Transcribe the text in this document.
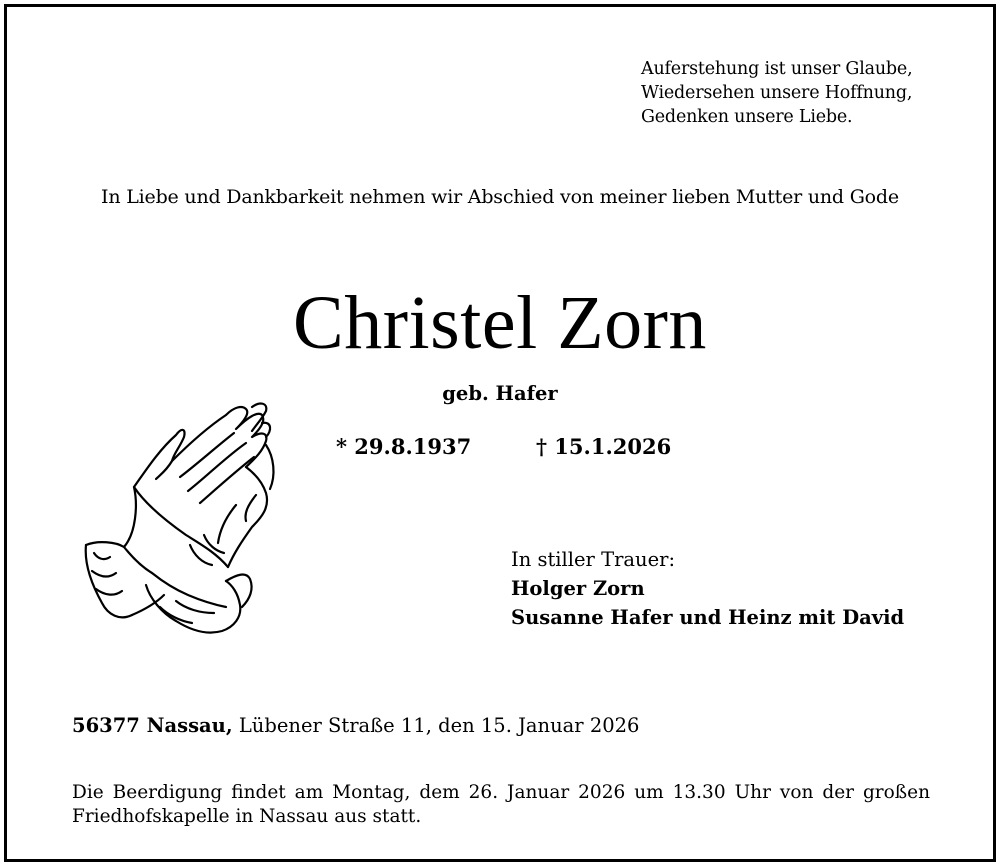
Auferstehung ist unser Glaube,
Wiedersehen unsere Hoffnung,
Gedenken unsere Liebe.
In Liebe und Dankbarkeit nehmen wir Abschied von meiner lieben Mutter und Gode
Christel Zorn
geb. Hafer
* 29.8.1937	† 15.1.2026
In stiller Trauer:
Holger Zorn
Susanne Hafer und Heinz mit David
56377 Nassau, Lübener Straße 11, den 15. Januar 2026
Die Beerdigung findet am Montag, dem 26. Januar 2026 um 13.30 Uhr von der großen Friedhofskapelle in Nassau aus statt.
